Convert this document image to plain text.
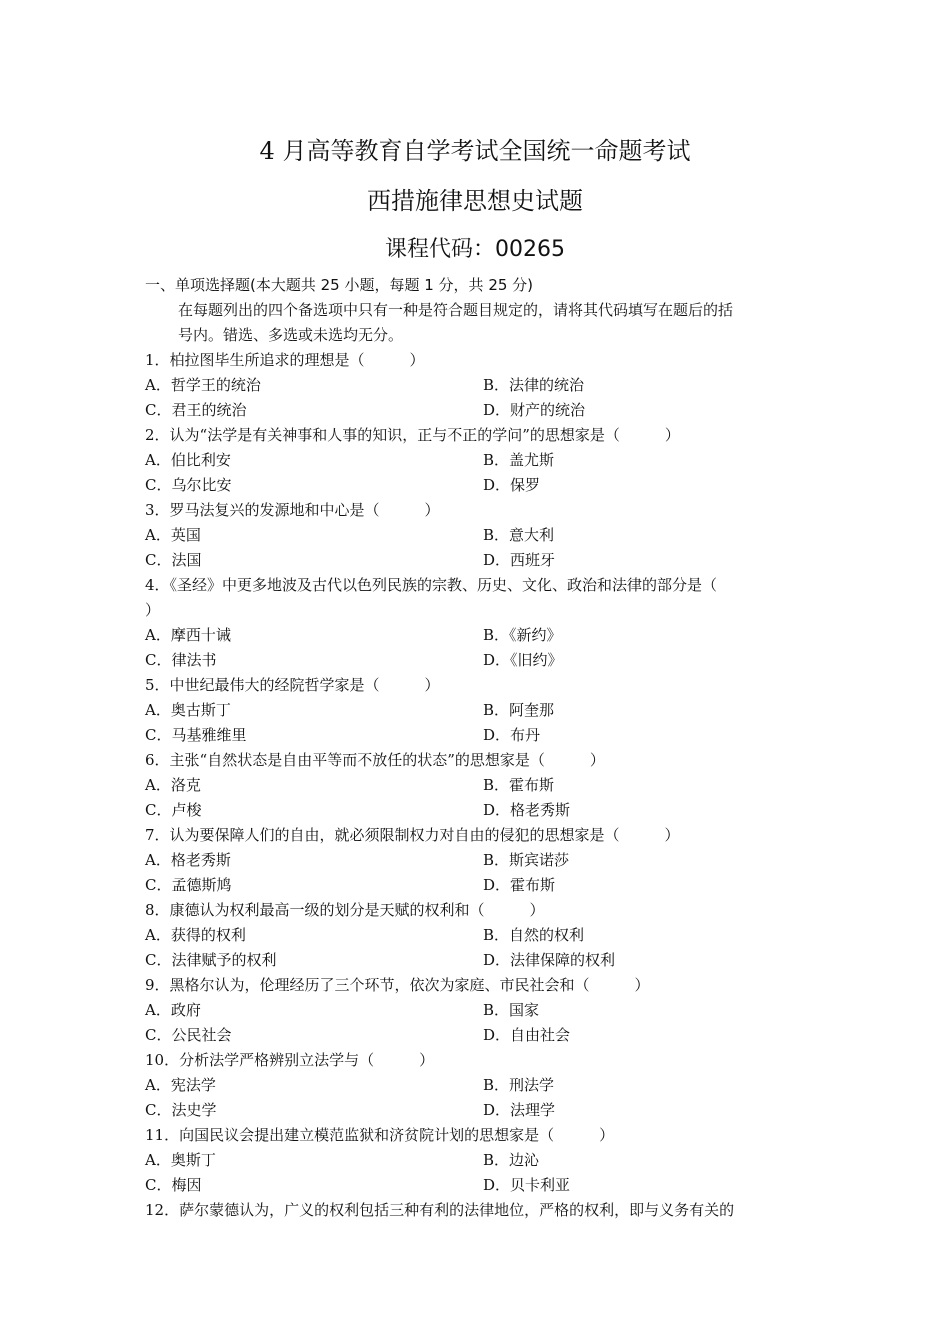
4 月高等教育自学考试全国统一命题考试
西措施律思想史试题
课程代码：00265
一、单项选择题(本大题共 25 小题，每题 1 分，共 25 分)
在每题列出的四个备选项中只有一种是符合题目规定的，请将其代码填写在题后的括
号内。错选、多选或未选均无分。
1．柏拉图毕生所追求的理想是（　　　）
A．哲学王的统治	B．法律的统治
C．君王的统治	D．财产的统治
2．认为“法学是有关神事和人事的知识，正与不正的学问”的思想家是（　　　）
A．伯比利安	B．盖尤斯
C．乌尔比安	D．保罗
3．罗马法复兴的发源地和中心是（　　　）
A．英国	B．意大利
C．法国	D．西班牙
4．《圣经》中更多地波及古代以色列民族的宗教、历史、文化、政治和法律的部分是（
）
A．摩西十诫	B．《新约》
C．律法书	D．《旧约》
5．中世纪最伟大的经院哲学家是（　　　）
A．奥古斯丁	B．阿奎那
C．马基雅维里	D．布丹
6．主张“自然状态是自由平等而不放任的状态”的思想家是（　　　）
A．洛克	B．霍布斯
C．卢梭	D．格老秀斯
7．认为要保障人们的自由，就必须限制权力对自由的侵犯的思想家是（　　　）
A．格老秀斯	B．斯宾诺莎
C．孟德斯鸠	D．霍布斯
8．康德认为权利最高一级的划分是天赋的权利和（　　　）
A．获得的权利	B．自然的权利
C．法律赋予的权利	D．法律保障的权利
9．黑格尔认为，伦理经历了三个环节，依次为家庭、市民社会和（　　　）
A．政府	B．国家
C．公民社会	D．自由社会
10．分析法学严格辨别立法学与（　　　）
A．宪法学	B．刑法学
C．法史学	D．法理学
11．向国民议会提出建立模范监狱和济贫院计划的思想家是（　　　）
A．奥斯丁	B．边沁
C．梅因	D．贝卡利亚
12．萨尔蒙德认为，广义的权利包括三种有利的法律地位，严格的权利，即与义务有关的
